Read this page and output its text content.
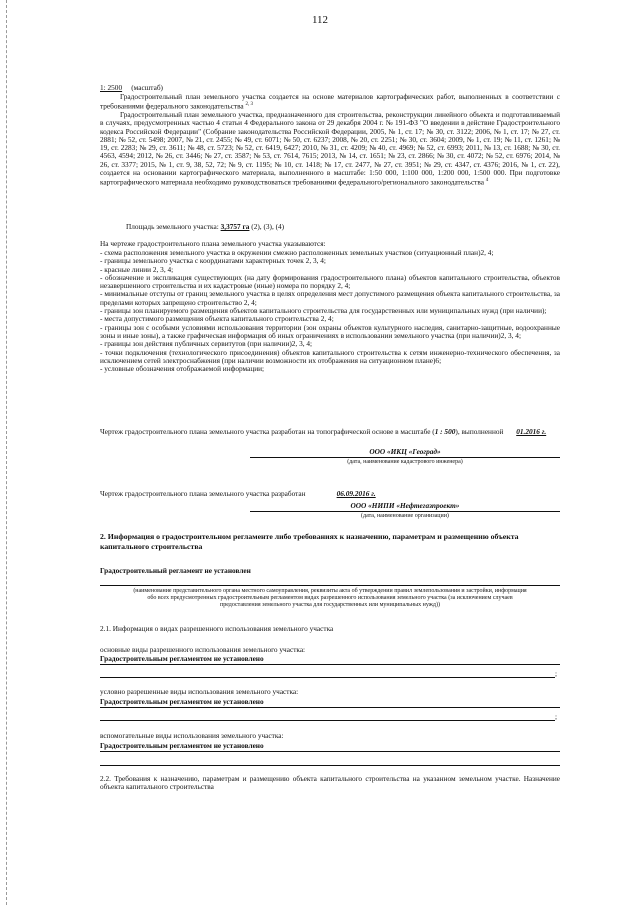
112
1: 2500 (масштаб)
Градостроительный план земельного участка создается на основе материалов картографических работ, выполненных в соответствии с требованиями федерального законодательства $^{2, 3}$
Градостроительный план земельного участка, предназначенного для строительства, реконструкции линейного объекта и подготавливаемый в случаях, предусмотренных частью 4 статьи 4 Федерального закона от 29 декабря 2004 г. № 191-ФЗ "О введении в действие Градостроительного кодекса Российской Федерации" (Собрание законодательства Российской Федерации, 2005, № 1, ст. 17; № 30, ст. 3122; 2006, № 1, ст. 17; № 27, ст. 2881; № 52, ст. 5498; 2007, № 21, ст. 2455; № 49, ст. 6071; № 50, ст. 6237; 2008, № 20, ст. 2251; № 30, ст. 3604; 2009, № 1, ст. 19; № 11, ст. 1261; № 19, ст. 2283; № 29, ст. 3611; № 48, ст. 5723; № 52, ст. 6419, 6427; 2010, № 31, ст. 4209; № 40, ст. 4969; № 52, ст. 6993; 2011, № 13, ст. 1688; № 30, ст. 4563, 4594; 2012, № 26, ст. 3446; № 27, ст. 3587; № 53, ст. 7614, 7615; 2013, № 14, ст. 1651; № 23, ст. 2866; № 30, ст. 4072; № 52, ст. 6976; 2014, № 26, ст. 3377; 2015, № 1, ст. 9, 38, 52, 72; № 9, ст. 1195; № 10, ст. 1418; № 17, ст. 2477, № 27, ст. 3951; № 29, ст. 4347, ст. 4376; 2016, № 1, ст. 22), создается на основании картографического материала, выполненного в масштабе: 1:50 000, 1:100 000, 1:200 000, 1:500 000. При подготовке картографического материала необходимо руководствоваться требованиями федерального/регионального законодательства $^4$
Площадь земельного участка: 3,3757 га (2), (3), (4)
На чертеже градостроительного плана земельного участка указываются:
- схема расположения земельного участка в окружении смежно расположенных земельных участков (ситуационный план)2, 4;
- границы земельного участка с координатами характерных точек 2, 3, 4;
- красные линии 2, 3, 4;
- обозначение и экспликация существующих (на дату формирования градостроительного плана) объектов капитального строительства, объектов незавершенного строительства и их кадастровые (иные) номера по порядку 2, 4;
- минимальные отступы от границ земельного участка в целях определения мест допустимого размещения объекта капитального строительства, за пределами которых запрещено строительство 2, 4;
- границы зон планируемого размещения объектов капитального строительства для государственных или муниципальных нужд (при наличии);
- места допустимого размещения объекта капитального строительства 2, 4;
- границы зон с особыми условиями использования территории (зон охраны объектов культурного наследия, санитарно-защитные, водоохранные зоны и иные зоны), а также графическая информация об иных ограничениях в использовании земельного участка (при наличии)2, 3, 4;
- границы зон действия публичных сервитутов (при наличии)2, 3, 4;
- точки подключения (технологического присоединения) объектов капитального строительства к сетям инженерно-технического обеспечения, за исключением сетей электроснабжения (при наличии возможности их отображения на ситуационном плане)6;
- условные обозначения отображаемой информации;
Чертеж градостроительного плана земельного участка разработан на топографической основе в масштабе (1 : 500), выполненной 01.2016 г.
ООО «ИКЦ «Геоград»
(дата, наименование кадастрового инженера)
Чертеж градостроительного плана земельного участка разработан	06.09.2016 г.
ООО «НИПИ «Нефтегазпроект»
(дата, наименование организации)
2. Информация о градостроительном регламенте либо требованиях к назначению, параметрам и размещению объекта капитального строительства
Градостроительный регламент не установлен
(наименование представительного органа местного самоуправления, реквизиты акта об утверждении правил землепользования и застройки, информация обо всех предусмотренных градостроительным регламентом видах разрешенного использования земельного участка (за исключением случаев предоставления земельного участка для государственных или муниципальных нужд))
2.1. Информация о видах разрешенного использования земельного участка
основные виды разрешенного использования земельного участка:
Градостроительным регламентом не установлено
;
условно разрешенные виды использования земельного участка:
Градостроительным регламентом не установлено
;
вспомогательные виды использования земельного участка:
Градостроительным регламентом не установлено
2.2. Требования к назначению, параметрам и размещению объекта капитального строительства на указанном земельном участке. Назначение объекта капитального строительства
